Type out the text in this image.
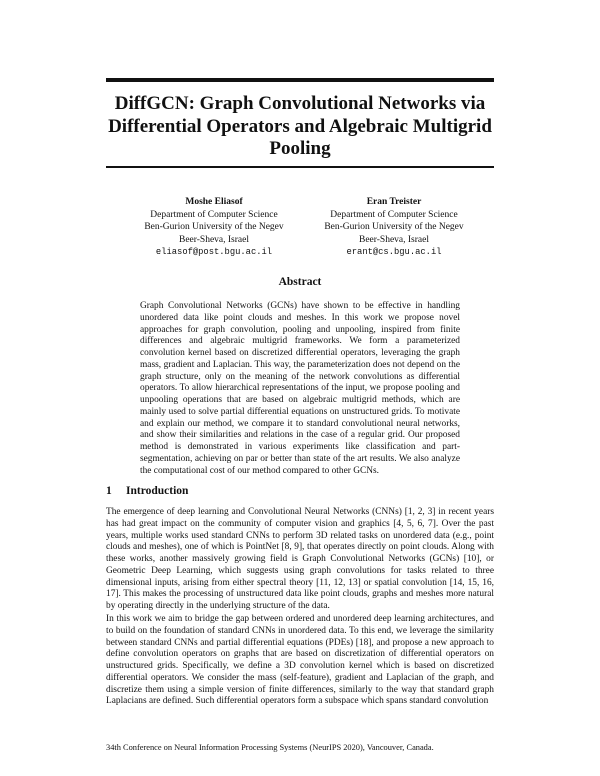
DiffGCN: Graph Convolutional Networks via Differential Operators and Algebraic Multigrid Pooling
Moshe Eliasof
Department of Computer Science
Ben-Gurion University of the Negev
Beer-Sheva, Israel
eliasof@post.bgu.ac.il
Eran Treister
Department of Computer Science
Ben-Gurion University of the Negev
Beer-Sheva, Israel
erant@cs.bgu.ac.il
Abstract

Graph Convolutional Networks (GCNs) have shown to be effective in handling unordered data like point clouds and meshes. In this work we propose novel approaches for graph convolution, pooling and unpooling, inspired from finite differences and algebraic multigrid frameworks. We form a parameterized convolution kernel based on discretized differential operators, leveraging the graph mass, gradient and Laplacian. This way, the parameterization does not depend on the graph structure, only on the meaning of the network convolutions as differential operators. To allow hierarchical representations of the input, we propose pooling and unpooling operations that are based on algebraic multigrid methods, which are mainly used to solve partial differential equations on unstructured grids. To motivate and explain our method, we compare it to standard convolutional neural networks, and show their similarities and relations in the case of a regular grid. Our proposed method is demonstrated in various experiments like classification and part-segmentation, achieving on par or better than state of the art results. We also analyze the computational cost of our method compared to other GCNs.

1 Introduction

The emergence of deep learning and Convolutional Neural Networks (CNNs) [1, 2, 3] in recent years has had great impact on the community of computer vision and graphics [4, 5, 6, 7]. Over the past years, multiple works used standard CNNs to perform 3D related tasks on unordered data (e.g., point clouds and meshes), one of which is PointNet [8, 9], that operates directly on point clouds. Along with these works, another massively growing field is Graph Convolutional Networks (GCNs) [10], or Geometric Deep Learning, which suggests using graph convolutions for tasks related to three dimensional inputs, arising from either spectral theory [11, 12, 13] or spatial convolution [14, 15, 16, 17]. This makes the processing of unstructured data like point clouds, graphs and meshes more natural by operating directly in the underlying structure of the data.

In this work we aim to bridge the gap between ordered and unordered deep learning architectures, and to build on the foundation of standard CNNs in unordered data. To this end, we leverage the similarity between standard CNNs and partial differential equations (PDEs) [18], and propose a new approach to define convolution operators on graphs that are based on discretization of differential operators on unstructured grids. Specifically, we define a 3D convolution kernel which is based on discretized differential operators. We consider the mass (self-feature), gradient and Laplacian of the graph, and discretize them using a simple version of finite differences, similarly to the way that standard graph Laplacians are defined. Such differential operators form a subspace which spans standard convolution

34th Conference on Neural Information Processing Systems (NeurIPS 2020), Vancouver, Canada.
